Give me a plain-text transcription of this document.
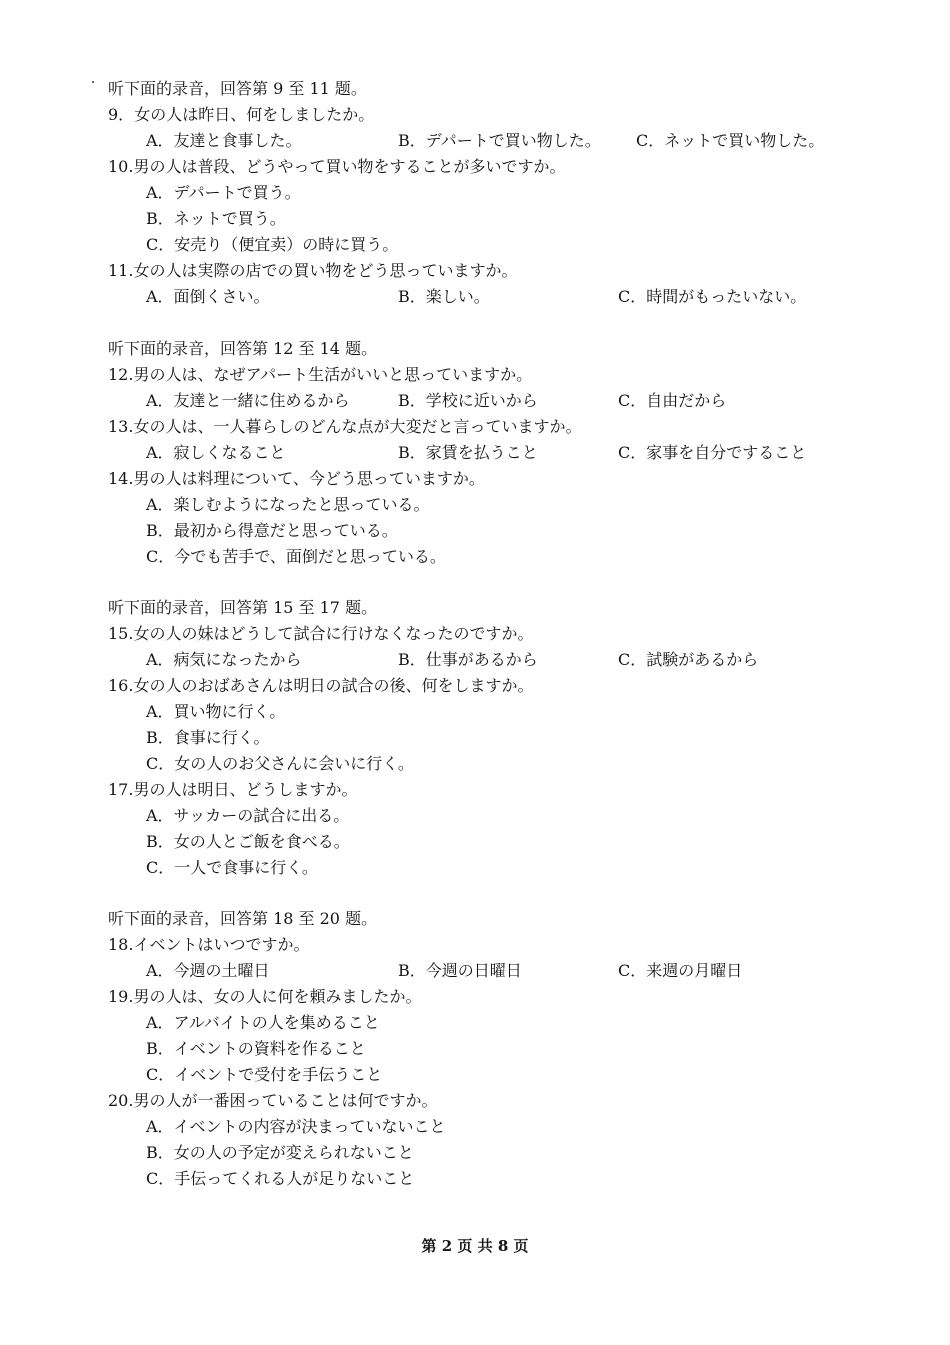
听下面的录音，回答第 9 至 11 题。
9．女の人は昨日、何をしましたか。
A．友達と食事した。	B．デパートで買い物した。 C．ネットで買い物した。
10.男の人は普段、どうやって買い物をすることが多いですか。
A．デパートで買う。
B．ネットで買う。
C．安売り（便宜卖）の時に買う。
11.女の人は実際の店での買い物をどう思っていますか。
A．面倒くさい。	B．楽しい。	C．時間がもったいない。
听下面的录音，回答第 12 至 14 题。
12.男の人は、なぜアパート生活がいいと思っていますか。
A．友達と一緒に住めるから	B．学校に近いから	C．自由だから
13.女の人は、一人暮らしのどんな点が大変だと言っていますか。
A．寂しくなること	B．家賃を払うこと	C．家事を自分ですること
14.男の人は料理について、今どう思っていますか。
A．楽しむようになったと思っている。
B．最初から得意だと思っている。
C．今でも苦手で、面倒だと思っている。
听下面的录音，回答第 15 至 17 题。
15.女の人の妹はどうして試合に行けなくなったのですか。
A．病気になったから	B．仕事があるから	C．試験があるから
16.女の人のおばあさんは明日の試合の後、何をしますか。
A．買い物に行く。
B．食事に行く。
C．女の人のお父さんに会いに行く。
17.男の人は明日、どうしますか。
A．サッカーの試合に出る。
B．女の人とご飯を食べる。
C．一人で食事に行く。
听下面的录音，回答第 18 至 20 题。
18.イベントはいつですか。
A．今週の土曜日	B．今週の日曜日	C．来週の月曜日
19.男の人は、女の人に何を頼みましたか。
A．アルバイトの人を集めること
B．イベントの資料を作ること
C．イベントで受付を手伝うこと
20.男の人が一番困っていることは何ですか。
A．イベントの内容が決まっていないこと
B．女の人の予定が変えられないこと
C．手伝ってくれる人が足りないこと
第 2 页 共 8 页
